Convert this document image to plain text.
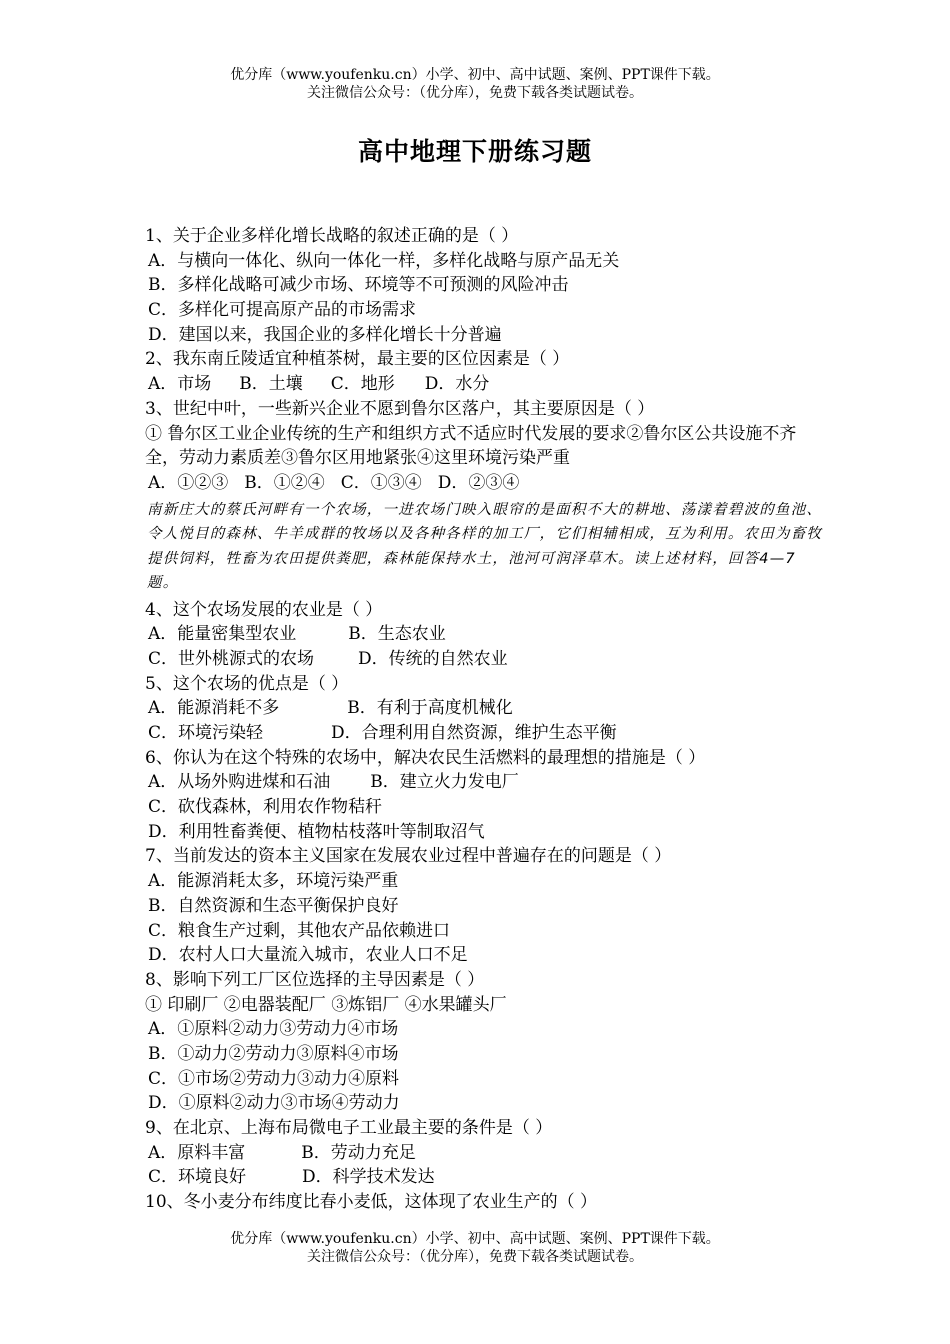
优分库（www.youfenku.cn）小学、初中、高中试题、案例、PPT课件下载。
关注微信公众号：（优分库），免费下载各类试题试卷。
高中地理下册练习题
1、关于企业多样化增长战略的叙述正确的是（ ）
A．与横向一体化、纵向一体化一样，多样化战略与原产品无关
B．多样化战略可减少市场、环境等不可预测的风险冲击
C．多样化可提高原产品的市场需求
D．建国以来，我国企业的多样化增长十分普遍
2、我东南丘陵适宜种植茶树，最主要的区位因素是（ ）
A．市场 B．土壤 C．地形 D．水分
3、世纪中叶，一些新兴企业不愿到鲁尔区落户，其主要原因是（ ）
① 鲁尔区工业企业传统的生产和组织方式不适应时代发展的要求②鲁尔区公共设施不齐全，劳动力素质差③鲁尔区用地紧张④这里环境污染严重
A．①②③ B．①②④ C．①③④ D．②③④
南新庄大的蔡氏河畔有一个农场，一进农场门映入眼帘的是面积不大的耕地、荡漾着碧波的鱼池、令人悦目的森林、牛羊成群的牧场以及各种各样的加工厂，它们相辅相成，互为利用。农田为畜牧提供饲料，牲畜为农田提供粪肥，森林能保持水土，池河可润泽草木。读上述材料，回答4—7题。
4、这个农场发展的农业是（ ）
A．能量密集型农业	B．生态农业
C．世外桃源式的农场	D．传统的自然农业
5、这个农场的优点是（ ）
A．能源消耗不多	B．有利于高度机械化
C．环境污染轻	D．合理利用自然资源，维护生态平衡
6、你认为在这个特殊的农场中，解决农民生活燃料的最理想的措施是（ ）
A．从场外购进煤和石油 B．建立火力发电厂
C．砍伐森林，利用农作物秸秆
D．利用牲畜粪便、植物枯枝落叶等制取沼气
7、当前发达的资本主义国家在发展农业过程中普遍存在的问题是（ ）
A．能源消耗太多，环境污染严重
B．自然资源和生态平衡保护良好
C．粮食生产过剩，其他农产品依赖进口
D．农村人口大量流入城市，农业人口不足
8、影响下列工厂区位选择的主导因素是（ ）
① 印刷厂 ②电器装配厂 ③炼铝厂 ④水果罐头厂
A．①原料②动力③劳动力④市场
B．①动力②劳动力③原料④市场
C．①市场②劳动力③动力④原料
D．①原料②动力③市场④劳动力
9、在北京、上海布局微电子工业最主要的条件是（ ）
A．原料丰富	B．劳动力充足
C．环境良好	D．科学技术发达
10、冬小麦分布纬度比春小麦低，这体现了农业生产的（ ）
优分库（www.youfenku.cn）小学、初中、高中试题、案例、PPT课件下载。
关注微信公众号：（优分库），免费下载各类试题试卷。
